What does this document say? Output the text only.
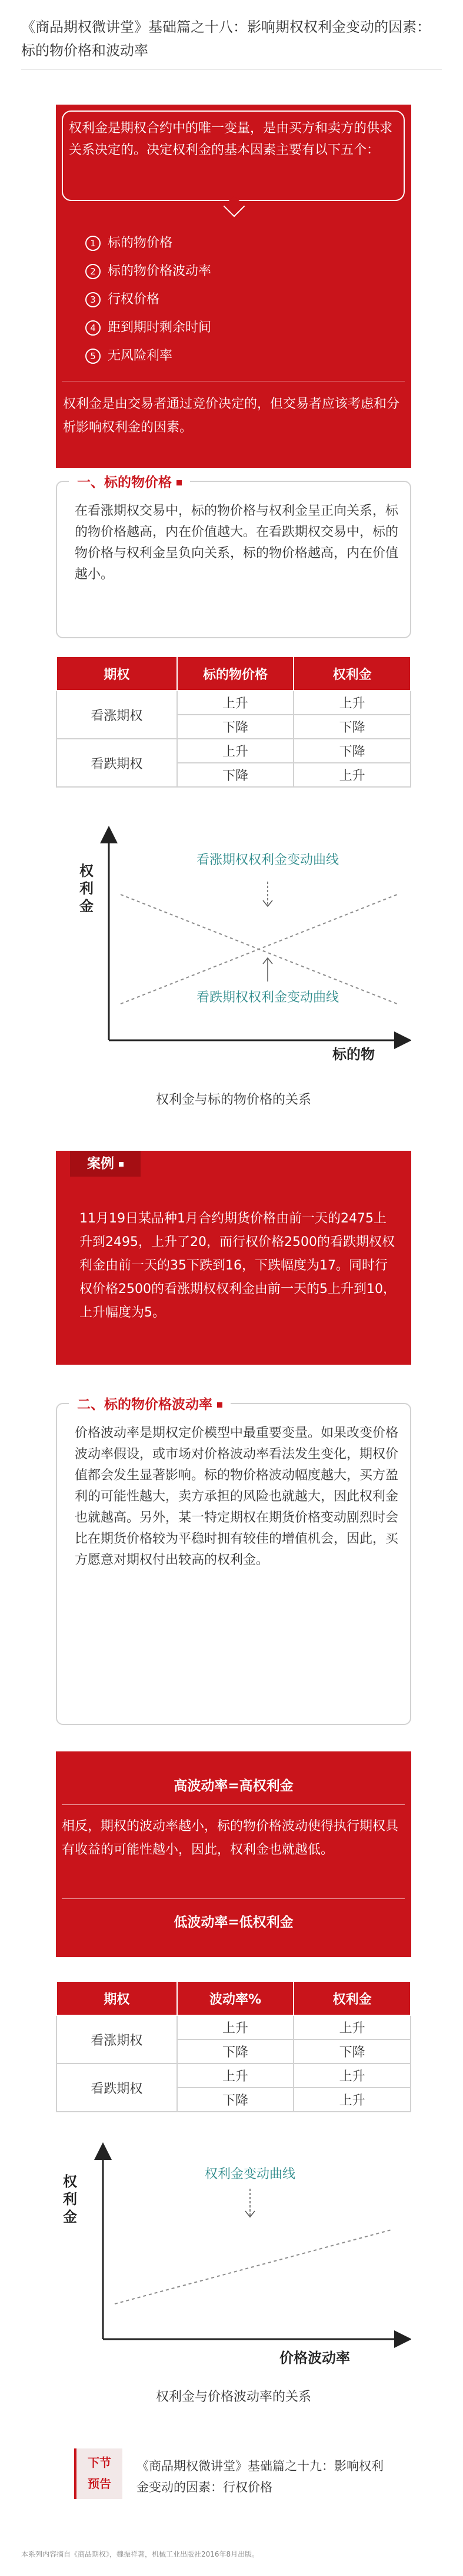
《商品期权微讲堂》基础篇之十八：影响期权权利金变动的因素：标的物价格和波动率
权利金是期权合约中的唯一变量，是由买方和卖方的供求关系决定的。决定权利金的基本因素主要有以下五个：
1 标的物价格
2 标的物价格波动率
3 行权价格
4 距到期时剩余时间
5 无风险利率
权利金是由交易者通过竞价决定的，但交易者应该考虑和分析影响权利金的因素。
一、标的物价格
在看涨期权交易中，标的物价格与权利金呈正向关系，标的物价格越高，内在价值越大。在看跌期权交易中，标的物价格与权利金呈负向关系，标的物价格越高，内在价值越小。
期权	标的物价格	权利金
看涨期权	上升	上升
	下降	下降
看跌期权	上升	下降
	下降	上升
权利金
标的物
看涨期权权利金变动曲线
看跌期权权利金变动曲线
权利金与标的物价格的关系
案例
11月19日某品种1月合约期货价格由前一天的2475上升到2495，上升了20，而行权价格2500的看跌期权权利金由前一天的35下跌到16，下跌幅度为17。同时行权价格2500的看涨期权权利金由前一天的5上升到10，上升幅度为5。
二、标的物价格波动率
价格波动率是期权定价模型中最重要变量。如果改变价格波动率假设，或市场对价格波动率看法发生变化，期权价值都会发生显著影响。标的物价格波动幅度越大，买方盈利的可能性越大，卖方承担的风险也就越大，因此权利金也就越高。另外，某一特定期权在期货价格变动剧烈时会比在期货价格较为平稳时拥有较佳的增值机会，因此，买方愿意对期权付出较高的权利金。
高波动率=高权利金
相反，期权的波动率越小，标的物价格波动使得执行期权具有收益的可能性越小，因此，权利金也就越低。
低波动率=低权利金
期权	波动率%	权利金
看涨期权	上升	上升
	下降	下降
看跌期权	上升	上升
	下降	上升
权利金
价格波动率
权利金变动曲线
权利金与价格波动率的关系
下节
预告
《商品期权微讲堂》基础篇之十九：影响权利金变动的因素：行权价格
本系列内容摘自《商品期权》，魏振祥著，机械工业出版社2016年8月出版。
